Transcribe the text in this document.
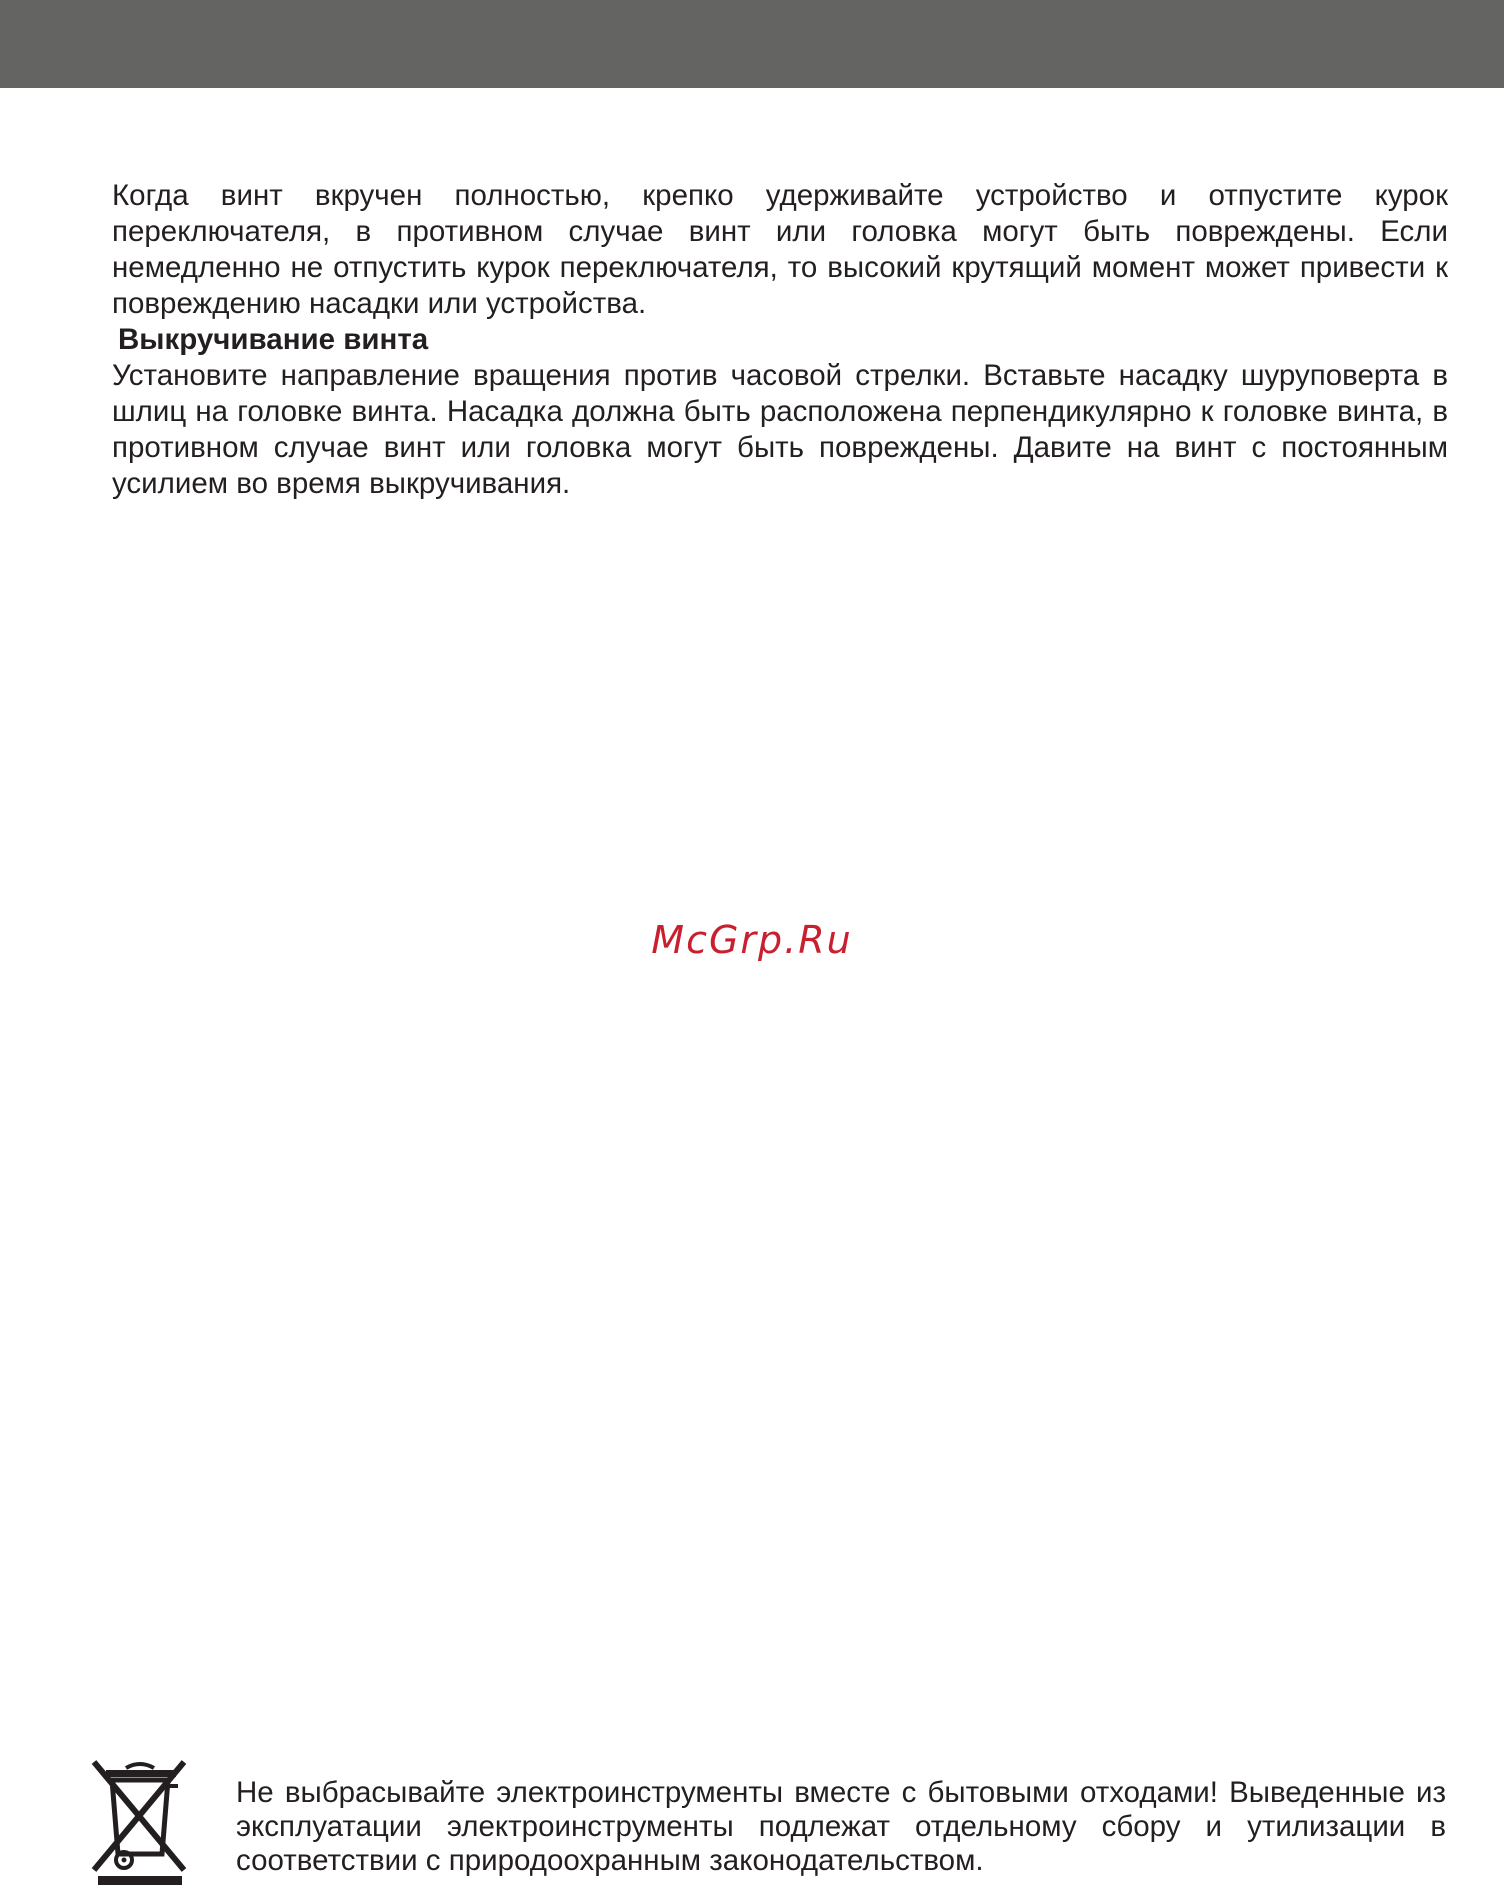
Когда винт вкручен полностью, крепко удерживайте устройство и отпустите курок переключателя, в противном случае винт или головка могут быть повреждены. Если немедленно не отпустить курок переключателя, то высокий крутящий момент может привести к повреждению насадки или устройства.

Выкручивание винта

Установите направление вращения против часовой стрелки. Вставьте насадку шуруповерта в шлиц на головке винта. Насадка должна быть расположена перпендикулярно к головке винта, в противном случае винт или головка могут быть повреждены. Давите на винт с постоянным усилием во время выкручивания.

McGrp.Ru

Не выбрасывайте электроинструменты вместе с бытовыми отходами! Выведенные из эксплуатации электроинструменты подлежат отдельному сбору и утилизации в соответствии с природоохранным законодательством.
